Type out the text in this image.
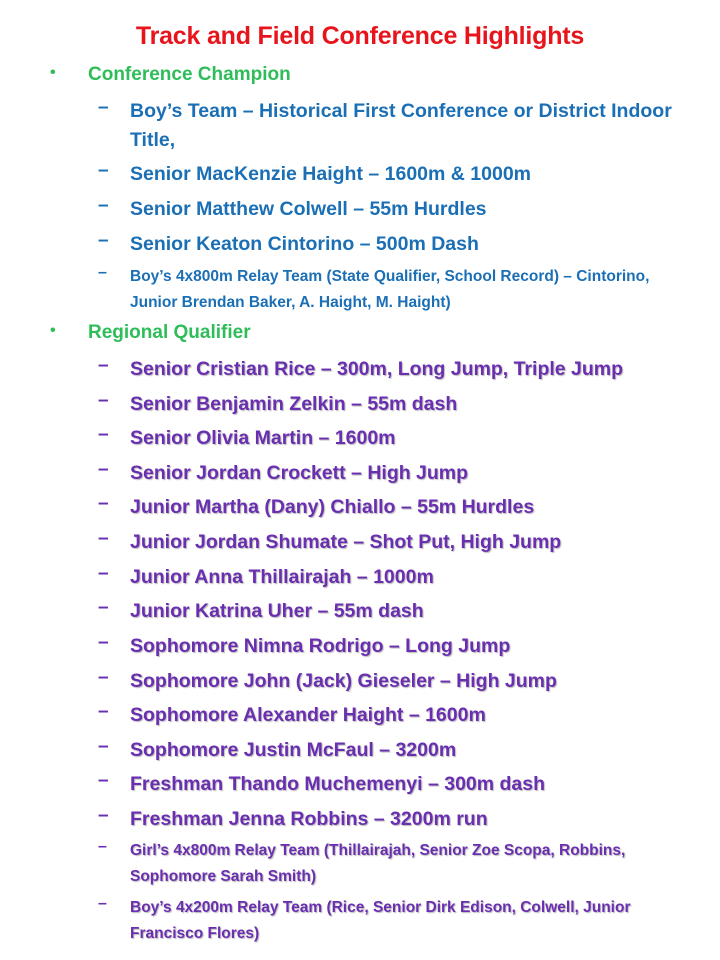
Track and Field Conference Highlights
• Conference Champion
– Boy’s Team – Historical First Conference or District Indoor Title,
– Senior MacKenzie Haight – 1600m & 1000m
– Senior Matthew Colwell – 55m Hurdles
– Senior Keaton Cintorino – 500m Dash
– Boy’s 4x800m Relay Team (State Qualifier, School Record) – Cintorino, Junior Brendan Baker, A. Haight, M. Haight)
• Regional Qualifier
– Senior Cristian Rice – 300m, Long Jump, Triple Jump
– Senior Benjamin Zelkin – 55m dash
– Senior Olivia Martin – 1600m
– Senior Jordan Crockett – High Jump
– Junior Martha (Dany) Chiallo – 55m Hurdles
– Junior Jordan Shumate – Shot Put, High Jump
– Junior Anna Thillairajah – 1000m
– Junior Katrina Uher – 55m dash
– Sophomore Nimna Rodrigo – Long Jump
– Sophomore John (Jack) Gieseler – High Jump
– Sophomore Alexander Haight – 1600m
– Sophomore Justin McFaul – 3200m
– Freshman Thando Muchemenyi – 300m dash
– Freshman Jenna Robbins – 3200m run
– Girl’s 4x800m Relay Team (Thillairajah, Senior Zoe Scopa, Robbins, Sophomore Sarah Smith)
– Boy’s 4x200m Relay Team (Rice, Senior Dirk Edison, Colwell, Junior Francisco Flores)
